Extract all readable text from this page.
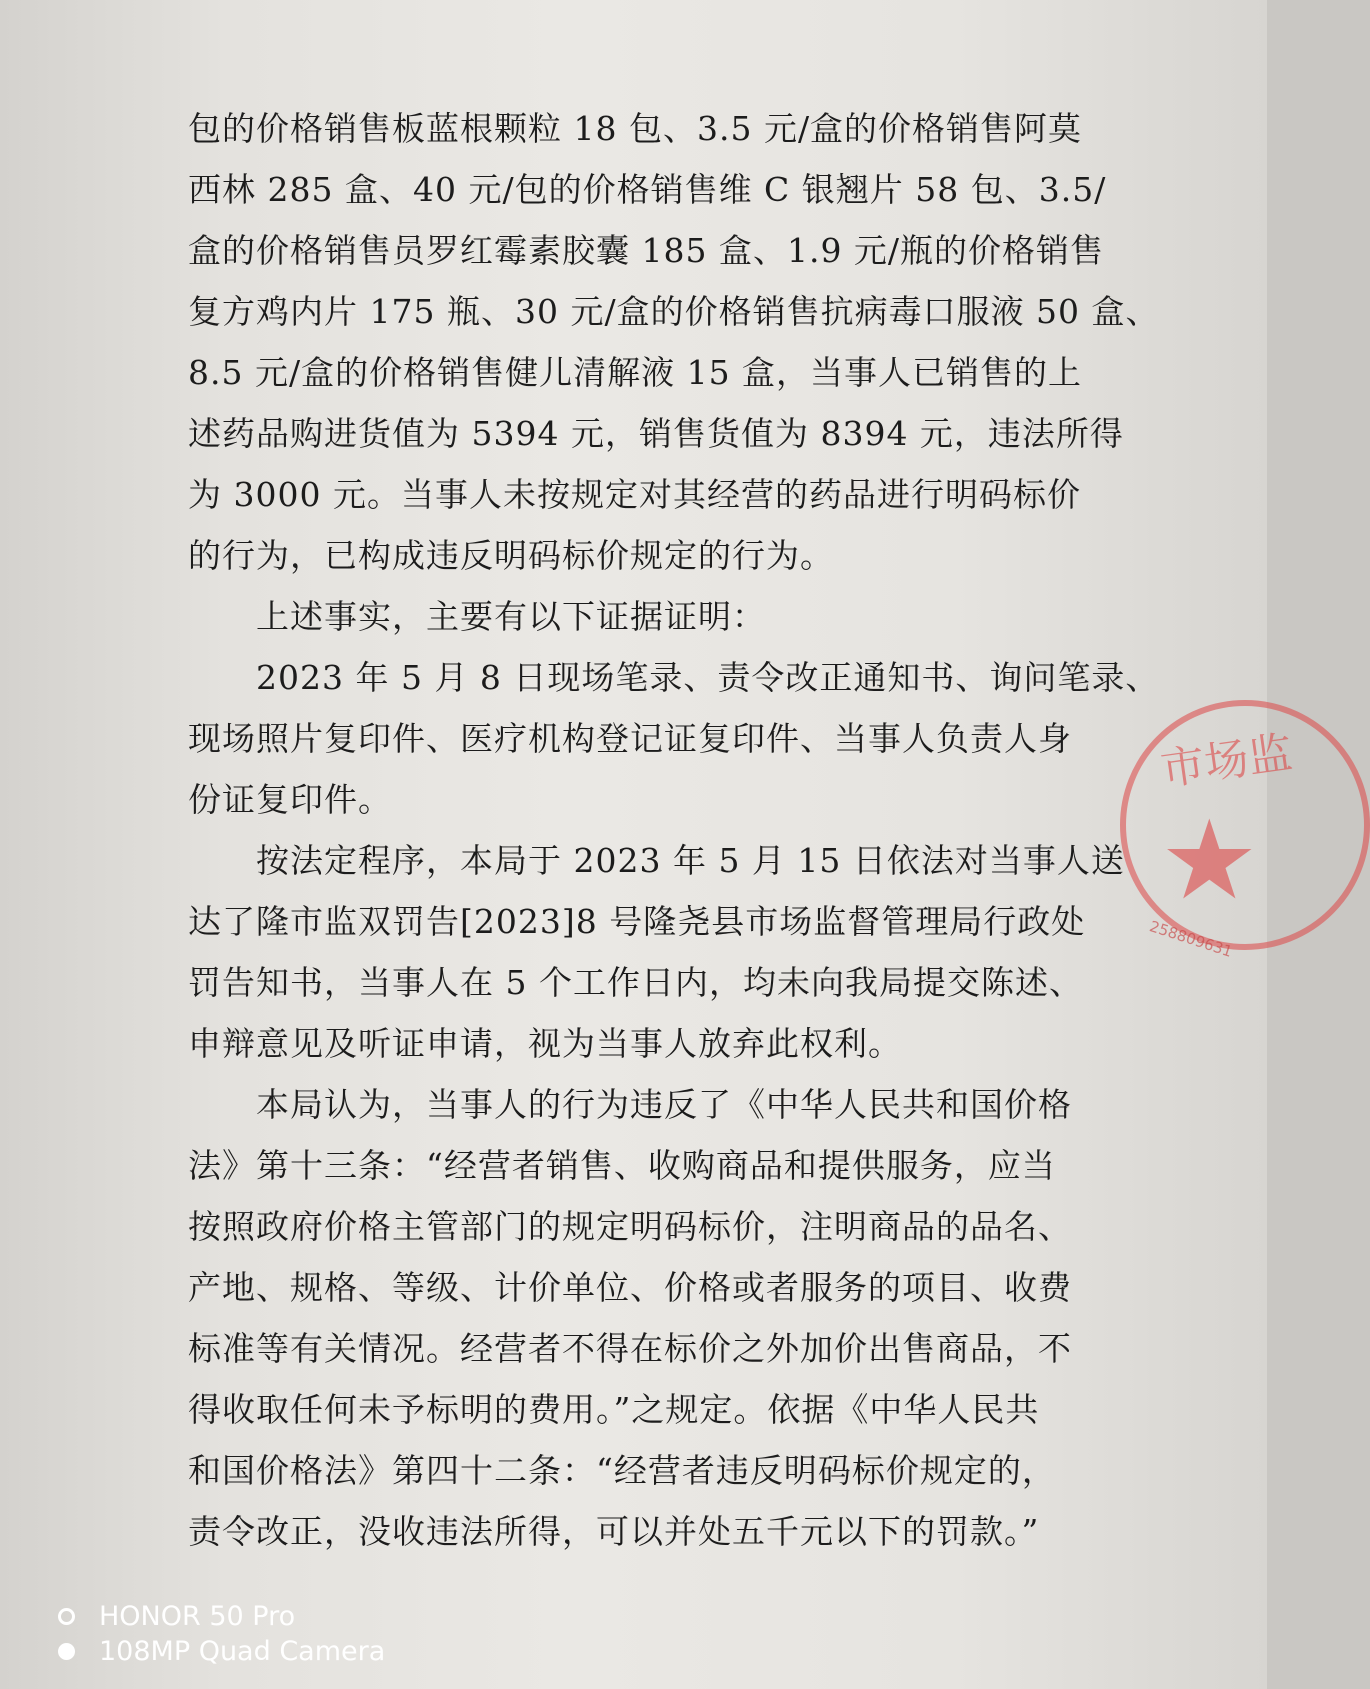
包的价格销售板蓝根颗粒 18 包、3.5 元/盒的价格销售阿莫
西林 285 盒、40 元/包的价格销售维 C 银翘片 58 包、3.5/
盒的价格销售员罗红霉素胶囊 185 盒、1.9 元/瓶的价格销售
复方鸡内片 175 瓶、30 元/盒的价格销售抗病毒口服液 50 盒、
8.5 元/盒的价格销售健儿清解液 15 盒，当事人已销售的上
述药品购进货值为 5394 元，销售货值为 8394 元，违法所得
为 3000 元。当事人未按规定对其经营的药品进行明码标价
的行为，已构成违反明码标价规定的行为。
上述事实，主要有以下证据证明：
2023 年 5 月 8 日现场笔录、责令改正通知书、询问笔录、
现场照片复印件、医疗机构登记证复印件、当事人负责人身
份证复印件。
按法定程序，本局于 2023 年 5 月 15 日依法对当事人送
达了隆市监双罚告[2023]8 号隆尧县市场监督管理局行政处
罚告知书，当事人在 5 个工作日内，均未向我局提交陈述、
申辩意见及听证申请，视为当事人放弃此权利。
本局认为，当事人的行为违反了《中华人民共和国价格
法》第十三条：“经营者销售、收购商品和提供服务，应当
按照政府价格主管部门的规定明码标价，注明商品的品名、
产地、规格、等级、计价单位、价格或者服务的项目、收费
标准等有关情况。经营者不得在标价之外加价出售商品，不
得收取任何未予标明的费用。”之规定。依据《中华人民共
和国价格法》第四十二条：“经营者违反明码标价规定的，
责令改正，没收违法所得，可以并处五千元以下的罚款。”
市场监
★
258809631
HONOR 50 Pro
108MP Quad Camera
